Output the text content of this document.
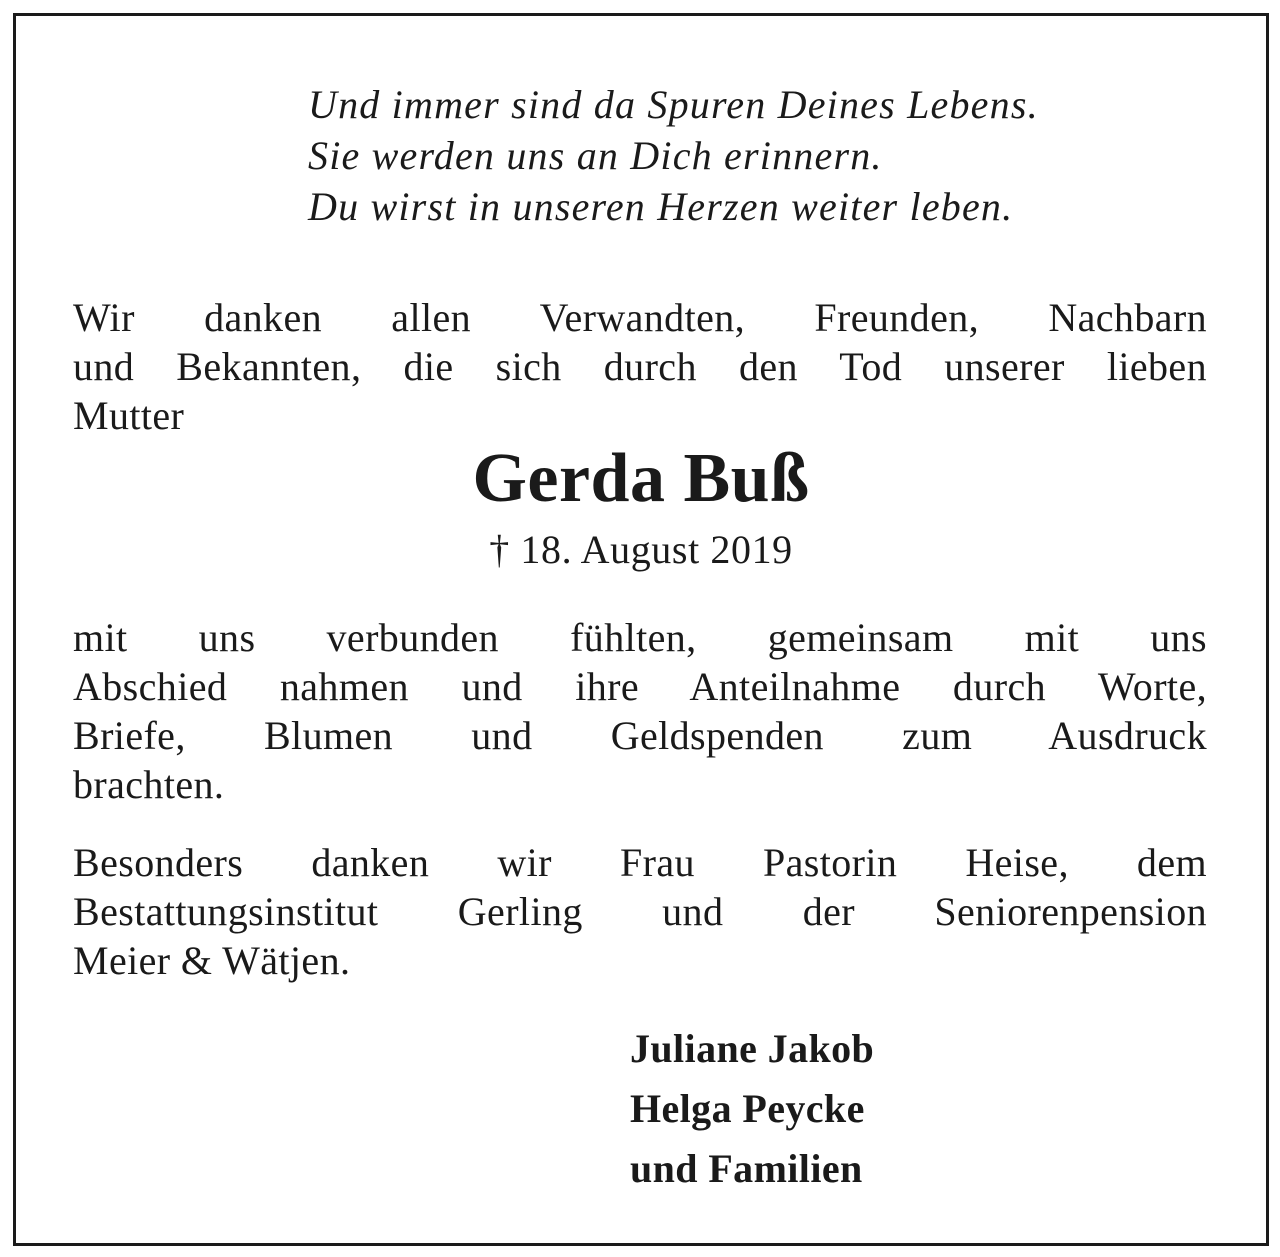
Und immer sind da Spuren Deines Lebens.
Sie werden uns an Dich erinnern.
Du wirst in unseren Herzen weiter leben.
Wir danken allen Verwandten, Freunden, Nachbarn
und Bekannten, die sich durch den Tod unserer lieben
Mutter
Gerda Buß
† 18. August 2019
mit uns verbunden fühlten, gemeinsam mit uns
Abschied nahmen und ihre Anteilnahme durch Worte,
Briefe, Blumen und Geldspenden zum Ausdruck
brachten.
Besonders danken wir Frau Pastorin Heise, dem
Bestattungsinstitut Gerling und der Seniorenpension
Meier & Wätjen.
Juliane Jakob
Helga Peycke
und Familien
